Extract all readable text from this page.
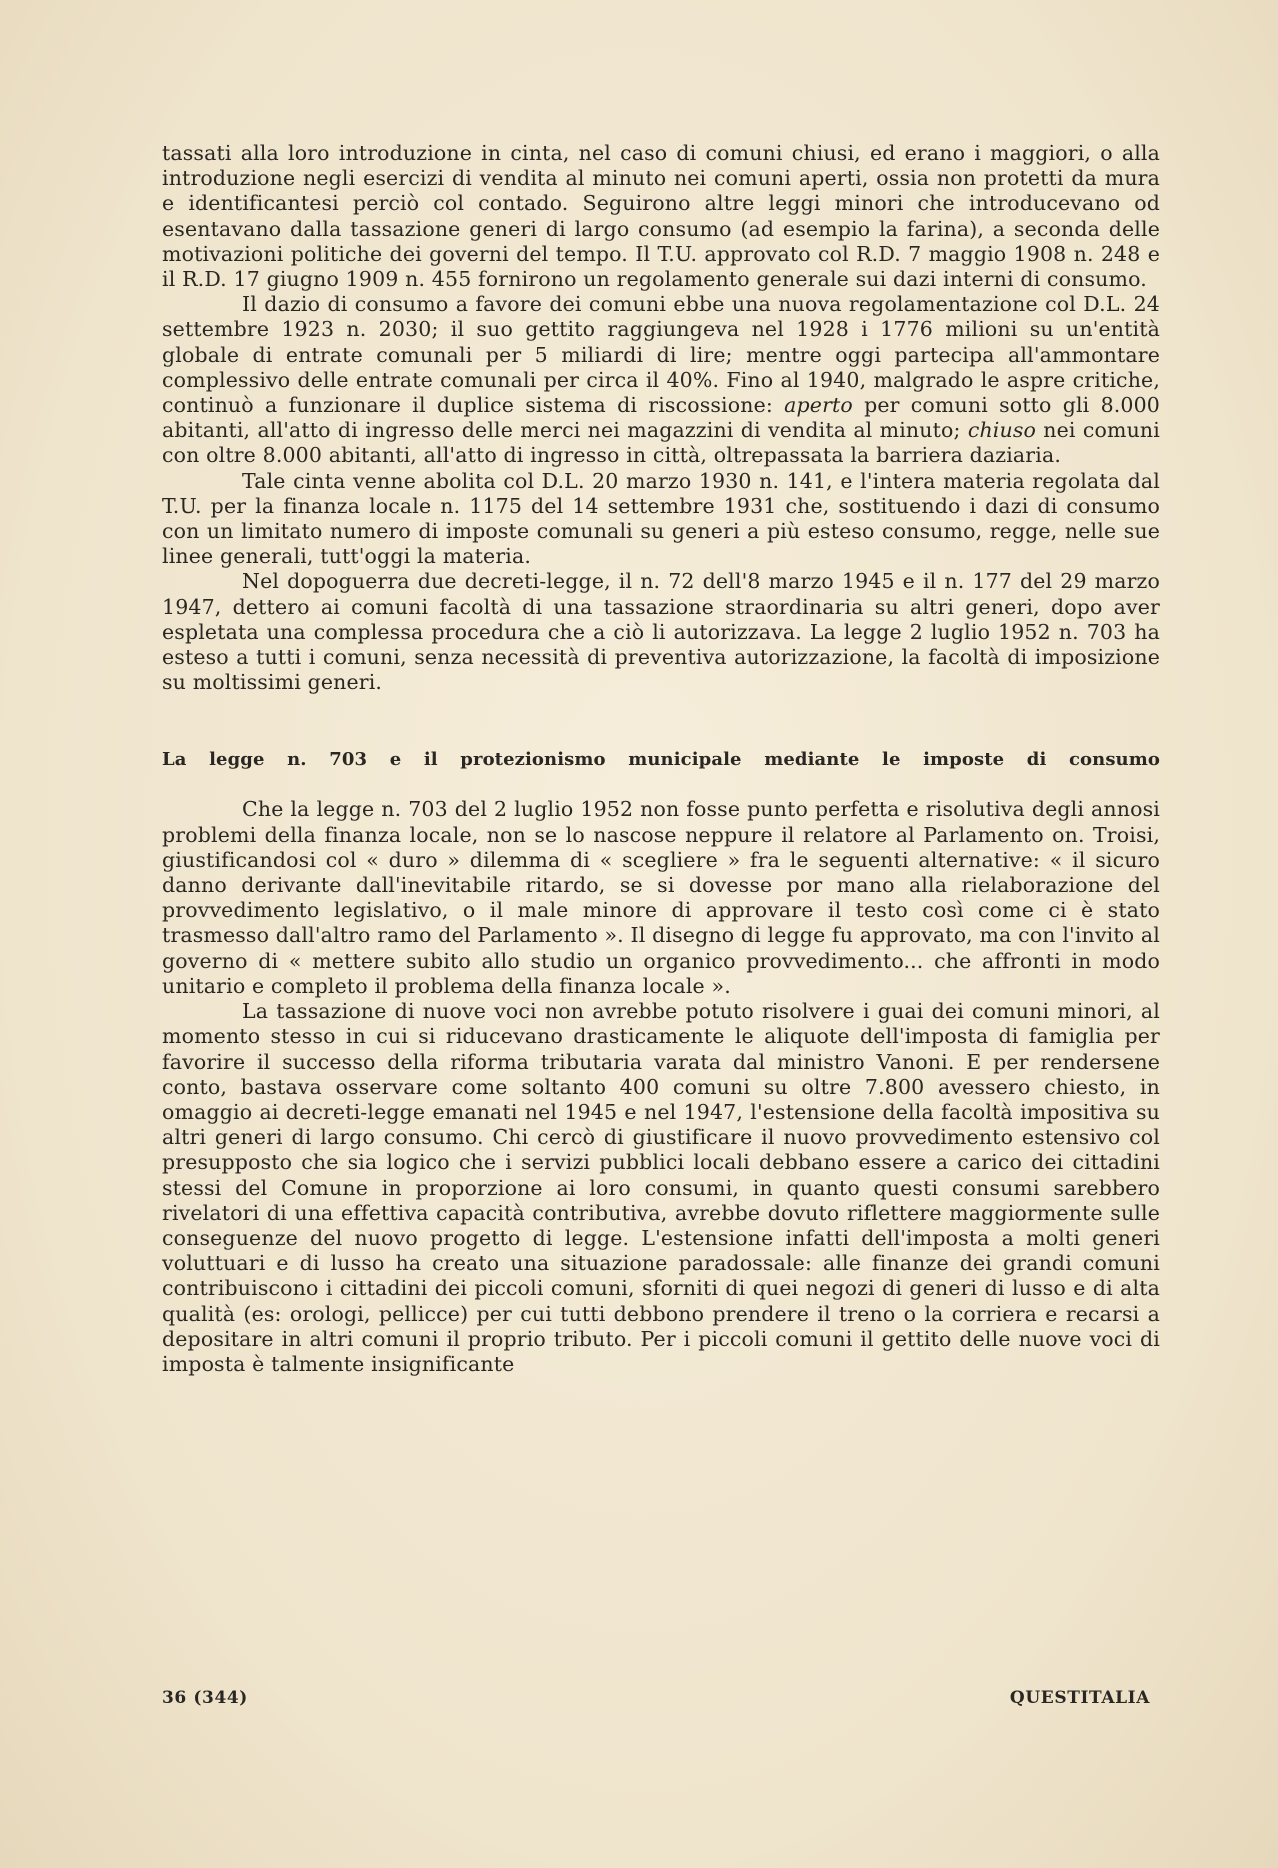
tassati alla loro introduzione in cinta, nel caso di comuni chiusi, ed erano i maggiori, o alla introduzione negli esercizi di vendita al minuto nei comuni aperti, ossia non protetti da mura e identificantesi perciò col contado. Seguirono altre leggi minori che introducevano od esentavano dalla tassazione generi di largo consumo (ad esempio la farina), a seconda delle motivazioni politiche dei governi del tempo. Il T.U. approvato col R.D. 7 maggio 1908 n. 248 e il R.D. 17 giugno 1909 n. 455 fornirono un regolamento generale sui dazi interni di consumo.

Il dazio di consumo a favore dei comuni ebbe una nuova regolamentazione col D.L. 24 settembre 1923 n. 2030; il suo gettito raggiungeva nel 1928 i 1776 milioni su un'entità globale di entrate comunali per 5 miliardi di lire; mentre oggi partecipa all'ammontare complessivo delle entrate comunali per circa il 40%. Fino al 1940, malgrado le aspre critiche, continuò a funzionare il duplice sistema di riscossione: aperto per comuni sotto gli 8.000 abitanti, all'atto di ingresso delle merci nei magazzini di vendita al minuto; chiuso nei comuni con oltre 8.000 abitanti, all'atto di ingresso in città, oltrepassata la barriera daziaria.

Tale cinta venne abolita col D.L. 20 marzo 1930 n. 141, e l'intera materia regolata dal T.U. per la finanza locale n. 1175 del 14 settembre 1931 che, sostituendo i dazi di consumo con un limitato numero di imposte comunali su generi a più esteso consumo, regge, nelle sue linee generali, tutt'oggi la materia.

Nel dopoguerra due decreti-legge, il n. 72 dell'8 marzo 1945 e il n. 177 del 29 marzo 1947, dettero ai comuni facoltà di una tassazione straordinaria su altri generi, dopo aver espletata una complessa procedura che a ciò li autorizzava. La legge 2 luglio 1952 n. 703 ha esteso a tutti i comuni, senza necessità di preventiva autorizzazione, la facoltà di imposizione su moltissimi generi.

La legge n. 703 e il protezionismo municipale mediante le imposte di consumo

Che la legge n. 703 del 2 luglio 1952 non fosse punto perfetta e risolutiva degli annosi problemi della finanza locale, non se lo nascose neppure il relatore al Parlamento on. Troisi, giustificandosi col « duro » dilemma di « scegliere » fra le seguenti alternative: « il sicuro danno derivante dall'inevitabile ritardo, se si dovesse por mano alla rielaborazione del provvedimento legislativo, o il male minore di approvare il testo così come ci è stato trasmesso dall'altro ramo del Parlamento ». Il disegno di legge fu approvato, ma con l'invito al governo di « mettere subito allo studio un organico provvedimento... che affronti in modo unitario e completo il problema della finanza locale ».

La tassazione di nuove voci non avrebbe potuto risolvere i guai dei comuni minori, al momento stesso in cui si riducevano drasticamente le aliquote dell'imposta di famiglia per favorire il successo della riforma tributaria varata dal ministro Vanoni. E per rendersene conto, bastava osservare come soltanto 400 comuni su oltre 7.800 avessero chiesto, in omaggio ai decreti-legge emanati nel 1945 e nel 1947, l'estensione della facoltà impositiva su altri generi di largo consumo. Chi cercò di giustificare il nuovo provvedimento estensivo col presupposto che sia logico che i servizi pubblici locali debbano essere a carico dei cittadini stessi del Comune in proporzione ai loro consumi, in quanto questi consumi sarebbero rivelatori di una effettiva capacità contributiva, avrebbe dovuto riflettere maggiormente sulle conseguenze del nuovo progetto di legge. L'estensione infatti dell'imposta a molti generi voluttuari e di lusso ha creato una situazione paradossale: alle finanze dei grandi comuni contribuiscono i cittadini dei piccoli comuni, sforniti di quei negozi di generi di lusso e di alta qualità (es: orologi, pellicce) per cui tutti debbono prendere il treno o la corriera e recarsi a depositare in altri comuni il proprio tributo. Per i piccoli comuni il gettito delle nuove voci di imposta è talmente insignificante

36 (344)	QUESTITALIA
